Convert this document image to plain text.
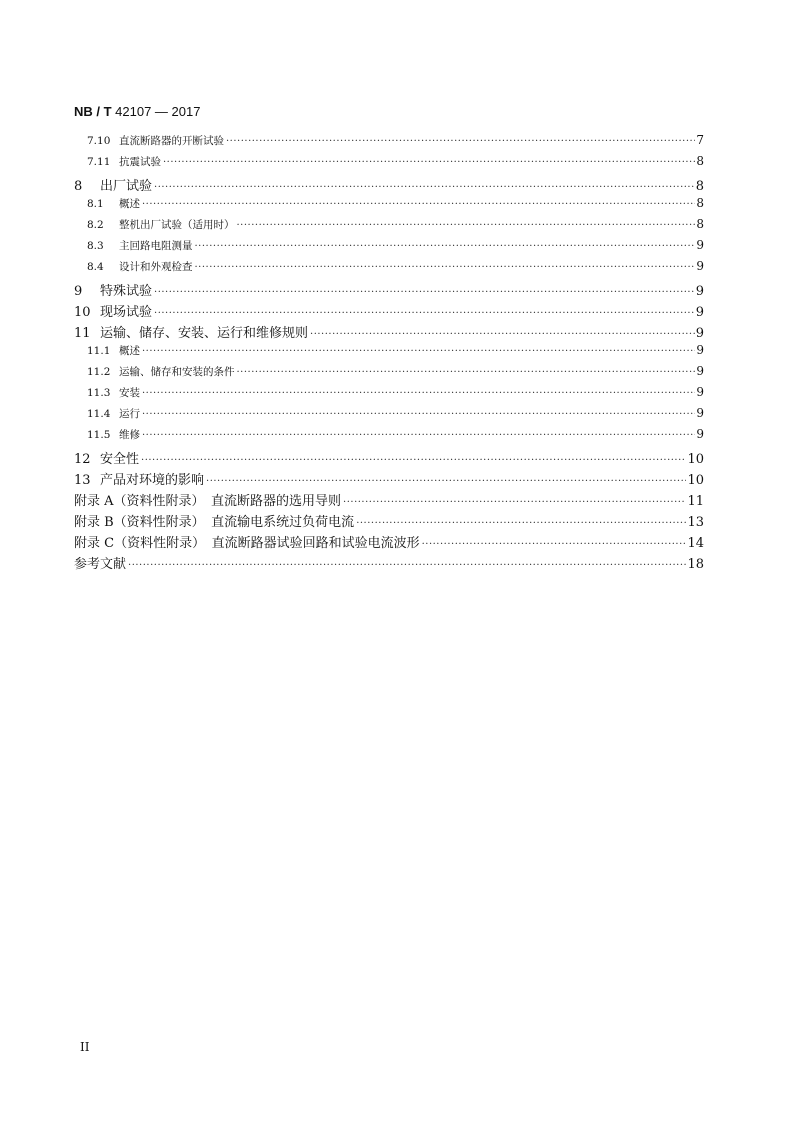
NB / T 42107 — 2017
7.10 直流断路器的开断试验 ·····	7
7.11 抗震试验 ·····	8
8	出厂试验 ·····	8
8.1	概述 ·····	8
8.2	整机出厂试验（适用时） ·····	8
8.3	主回路电阻测量 ·····	9
8.4	设计和外观检查 ·····	9
9	特殊试验 ·····	9
10 现场试验 ·····	9
11 运输、储存、安装、运行和维修规则 ·····	9
11.1 概述 ·····	9
11.2 运输、储存和安装的条件 ·····	9
11.3 安装 ·····	9
11.4 运行 ·····	9
11.5 维修 ·····	9
12 安全性 ·····	10
13 产品对环境的影响 ·····	10
附录 A（资料性附录）　直流断路器的选用导则 ·····	11
附录 B（资料性附录）　直流输电系统过负荷电流 ·····	13
附录 C（资料性附录）　直流断路器试验回路和试验电流波形 ·····	14
参考文献 ·····	18
II
